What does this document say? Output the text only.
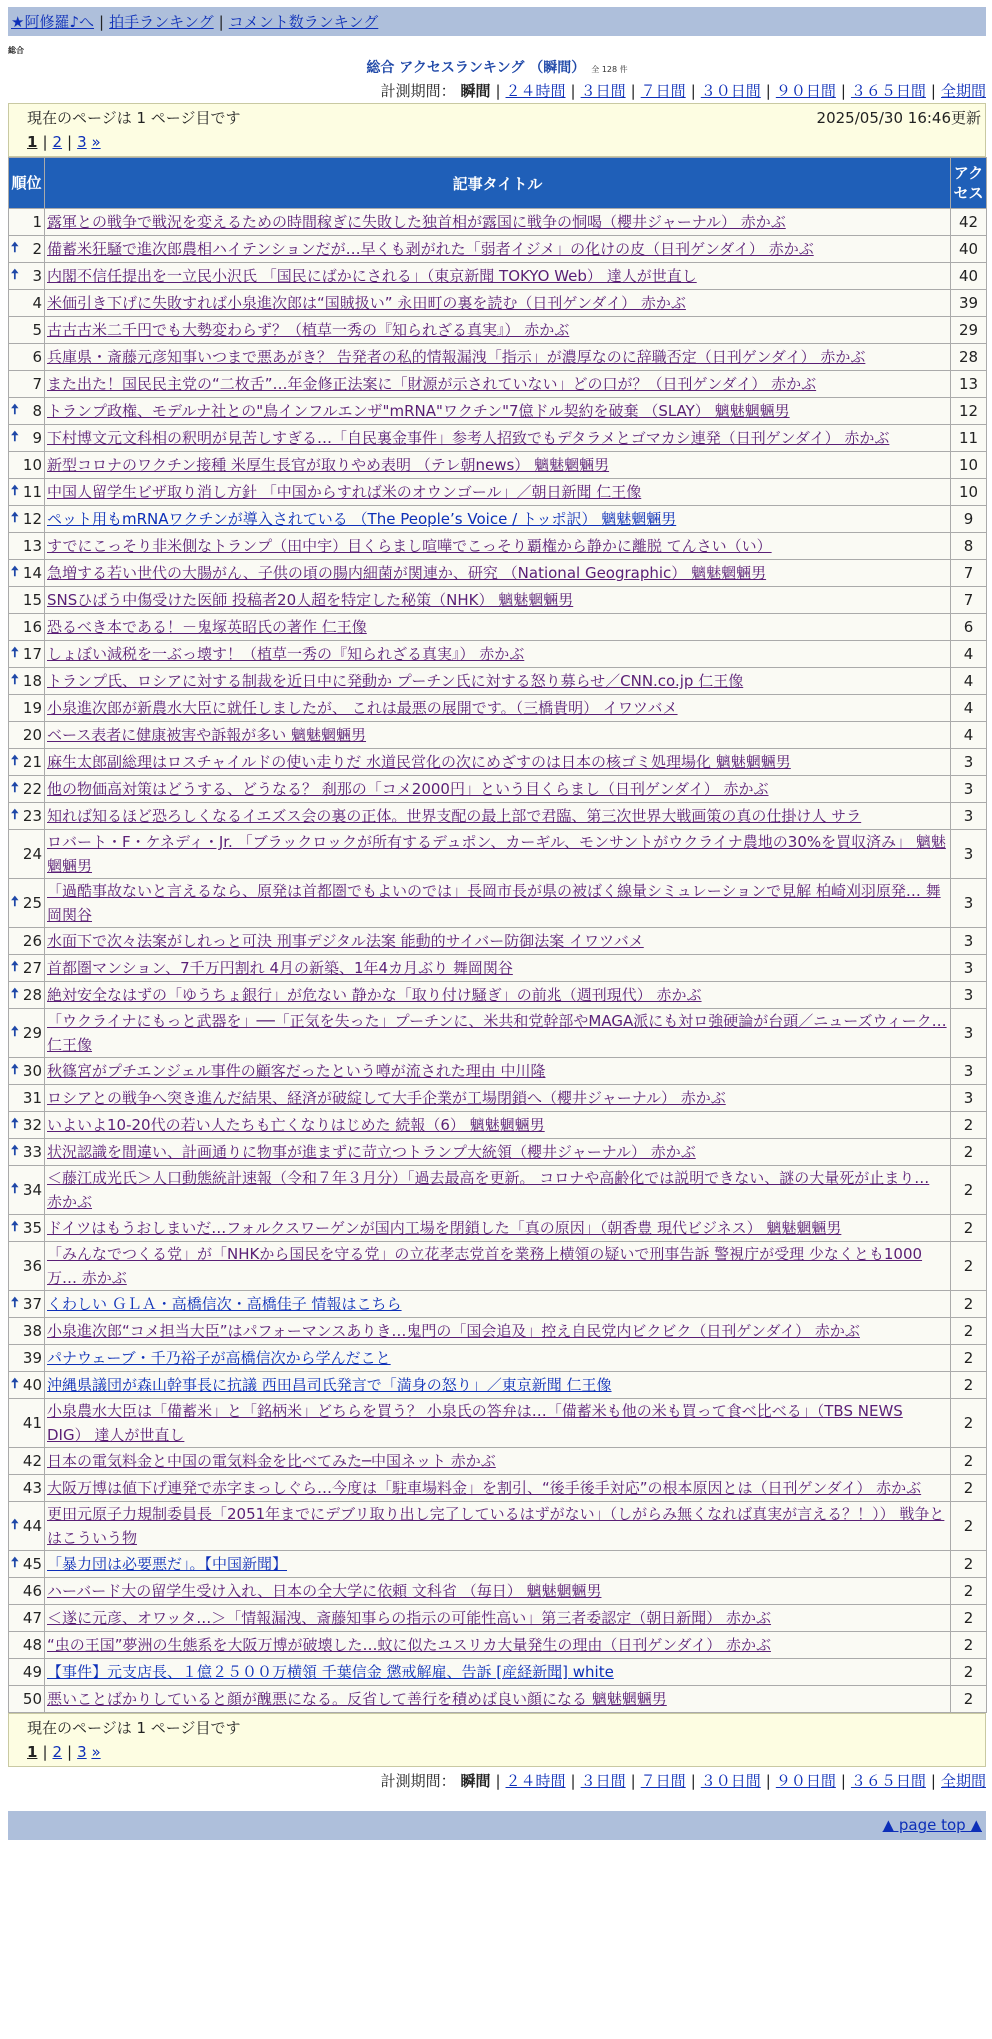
★阿修羅♪へ | 拍手ランキング | コメント数ランキング
総合
総合 アクセスランキング （瞬間） 全 128 件
計測期間： 瞬間 | ２４時間 | ３日間 | ７日間 | ３０日間 | ９０日間 | ３６５日間 | 全期間
現在のページは 1 ページ目です	2025/05/30 16:46更新
1 | 2 | 3 »
順位	記事タイトル	アクセス
1	露軍との戦争で戦況を変えるための時間稼ぎに失敗した独首相が露国に戦争の恫喝（櫻井ジャーナル） 赤かぶ	42

🠅 2	備蓄米狂騒で進次郎農相ハイテンションだが…早くも剥がれた「弱者イジメ」の化けの皮（日刊ゲンダイ） 赤かぶ	40

🠅 3	内閣不信任提出を一立民小沢氏 「国民にばかにされる」（東京新聞 TOKYO Web） 達人が世直し	40
4	米価引き下げに失敗すれば小泉進次郎は“国賊扱い” 永田町の裏を読む（日刊ゲンダイ） 赤かぶ	39
5	古古古米二千円でも大勢変わらず？（植草一秀の『知られざる真実』） 赤かぶ	29
6	兵庫県・斎藤元彦知事いつまで悪あがき？ 告発者の私的情報漏洩「指示」が濃厚なのに辞職否定（日刊ゲンダイ） 赤かぶ	28
7	また出た！国民民主党の“二枚舌”…年金修正法案に「財源が示されていない」どの口が？（日刊ゲンダイ） 赤かぶ	13

🠅 8	トランプ政権、モデルナ社との"鳥インフルエンザ"mRNA"ワクチン"7億ドル契約を破棄 （SLAY） 魑魅魍魎男	12

🠅 9	下村博文元文科相の釈明が見苦しすぎる…「自民裏金事件」参考人招致でもデタラメとゴマカシ連発（日刊ゲンダイ） 赤かぶ	11
10	新型コロナのワクチン接種 米厚生長官が取りやめ表明 （テレ朝news） 魑魅魍魎男	10

🠅 11	中国人留学生ビザ取り消し方針 「中国からすれば米のオウンゴール」／朝日新聞 仁王像	10

🠅 12	ペット用もmRNAワクチンが導入されている （The People’s Voice / トッポ訳） 魑魅魍魎男	9
13	すでにこっそり非米側なトランプ（田中宇）目くらまし喧嘩でこっそり覇権から静かに離脱 てんさい（い）	8

🠅 14	急増する若い世代の大腸がん、子供の頃の腸内細菌が関連か、研究 （National Geographic） 魑魅魍魎男	7
15	SNSひばう中傷受けた医師 投稿者20人超を特定した秘策（NHK） 魑魅魍魎男	7
16	恐るべき本である！－鬼塚英昭氏の著作 仁王像	6

🠅 17	しょぼい減税を一ぶっ壊す！（植草一秀の『知られざる真実』） 赤かぶ	4

🠅 18	トランプ氏、ロシアに対する制裁を近日中に発動か プーチン氏に対する怒り募らせ／CNN.co.jp 仁王像	4
19	小泉進次郎が新農水大臣に就任しましたが、 これは最悪の展開です。（三橋貴明） イワツバメ	4
20	ベース表者に健康被害や訴報が多い 魑魅魍魎男	4

🠅 21	麻生太郎副総理はロスチャイルドの使い走りだ 水道民営化の次にめざすのは日本の核ゴミ処理場化 魑魅魍魎男	3

🠅 22	他の物価高対策はどうする、どうなる？ 刹那の「コメ2000円」という目くらまし（日刊ゲンダイ） 赤かぶ	3

🠅 23	知れば知るほど恐ろしくなるイエズス会の裏の正体。世界支配の最上部で君臨、第三次世界大戦画策の真の仕掛け人 サラ	3
24	ロバート・F・ケネディ・Jr. 「ブラックロックが所有するデュポン、カーギル、モンサントがウクライナ農地の30%を買収済み」 魑魅魍魎男	3

🠅 25	「過酷事故ないと言えるなら、原発は首都圏でもよいのでは」長岡市長が県の被ばく線量シミュレーションで見解 柏崎刈羽原発… 舞岡関谷	3
26	水面下で次々法案がしれっと可決 刑事デジタル法案 能動的サイバー防御法案 イワツバメ	3

🠅 27	首都圏マンション、7千万円割れ 4月の新築、1年4カ月ぶり 舞岡関谷	3

🠅 28	絶対安全なはずの「ゆうちょ銀行」が危ない 静かな「取り付け騒ぎ」の前兆（週刊現代） 赤かぶ	3

🠅 29	「ウクライナにもっと武器を」──「正気を失った」プーチンに、米共和党幹部やMAGA派にも対ロ強硬論が台頭／ニューズウィーク… 仁王像	3

🠅 30	秋篠宮がプチエンジェル事件の顧客だったという噂が流された理由 中川隆	3
31	ロシアとの戦争へ突き進んだ結果、経済が破綻して大手企業が工場閉鎖へ（櫻井ジャーナル） 赤かぶ	3

🠅 32	いよいよ10-20代の若い人たちも亡くなりはじめた 続報（6） 魑魅魍魎男	2

🠅 33	状況認識を間違い、計画通りに物事が進まずに苛立つトランプ大統領（櫻井ジャーナル） 赤かぶ	2

🠅 34	＜藤江成光氏＞人口動態統計速報（令和７年３月分）「過去最高を更新。 コロナや高齢化では説明できない、謎の大量死が止まり… 赤かぶ	2

🠅 35	ドイツはもうおしまいだ…フォルクスワーゲンが国内工場を閉鎖した「真の原因」（朝香豊 現代ビジネス） 魑魅魍魎男	2
36	「みんなでつくる党」が「NHKから国民を守る党」の立花孝志党首を業務上横領の疑いで刑事告訴 警視庁が受理 少なくとも1000万… 赤かぶ	2

🠅 37	くわしい ＧＬＡ・高橋信次・高橋佳子 情報はこちら	2
38	小泉進次郎“コメ担当大臣”はパフォーマンスありき…鬼門の「国会追及」控え自民党内ビクビク（日刊ゲンダイ） 赤かぶ	2
39	パナウェーブ・千乃裕子が高橋信次から学んだこと	2

🠅 40	沖縄県議団が森山幹事長に抗議 西田昌司氏発言で「満身の怒り」／東京新聞 仁王像	2
41	小泉農水大臣は「備蓄米」と「銘柄米」どちらを買う？ 小泉氏の答弁は…「備蓄米も他の米も買って食べ比べる」（TBS NEWS DIG） 達人が世直し	2
42	日本の電気料金と中国の電気料金を比べてみた─中国ネット 赤かぶ	2
43	大阪万博は値下げ連発で赤字まっしぐら…今度は「駐車場料金」を割引、“後手後手対応”の根本原因とは（日刊ゲンダイ） 赤かぶ	2

🠅 44	更田元原子力規制委員長「2051年までにデブリ取り出し完了しているはずがない」（しがらみ無くなれば真実が言える？！）） 戦争とはこういう物	2

🠅 45	「暴力団は必要悪だ」。【中国新聞】	2
46	ハーバード大の留学生受け入れ、日本の全大学に依頼 文科省 （毎日） 魑魅魍魎男	2
47	＜遂に元彦、オワッタ…＞「情報漏洩、斎藤知事らの指示の可能性高い」第三者委認定（朝日新聞） 赤かぶ	2
48	“虫の王国”夢洲の生態系を大阪万博が破壊した…蚊に似たユスリカ大量発生の理由（日刊ゲンダイ） 赤かぶ	2
49	【事件】元支店長、１億２５００万横領 千葉信金 懲戒解雇、告訴 [産経新聞] white	2
50	悪いことばかりしていると顔が醜悪になる。反省して善行を積めば良い顔になる 魑魅魍魎男	2
現在のページは 1 ページ目です
1 | 2 | 3 »
計測期間： 瞬間 | ２４時間 | ３日間 | ７日間 | ３０日間 | ９０日間 | ３６５日間 | 全期間
▲ page top ▲
